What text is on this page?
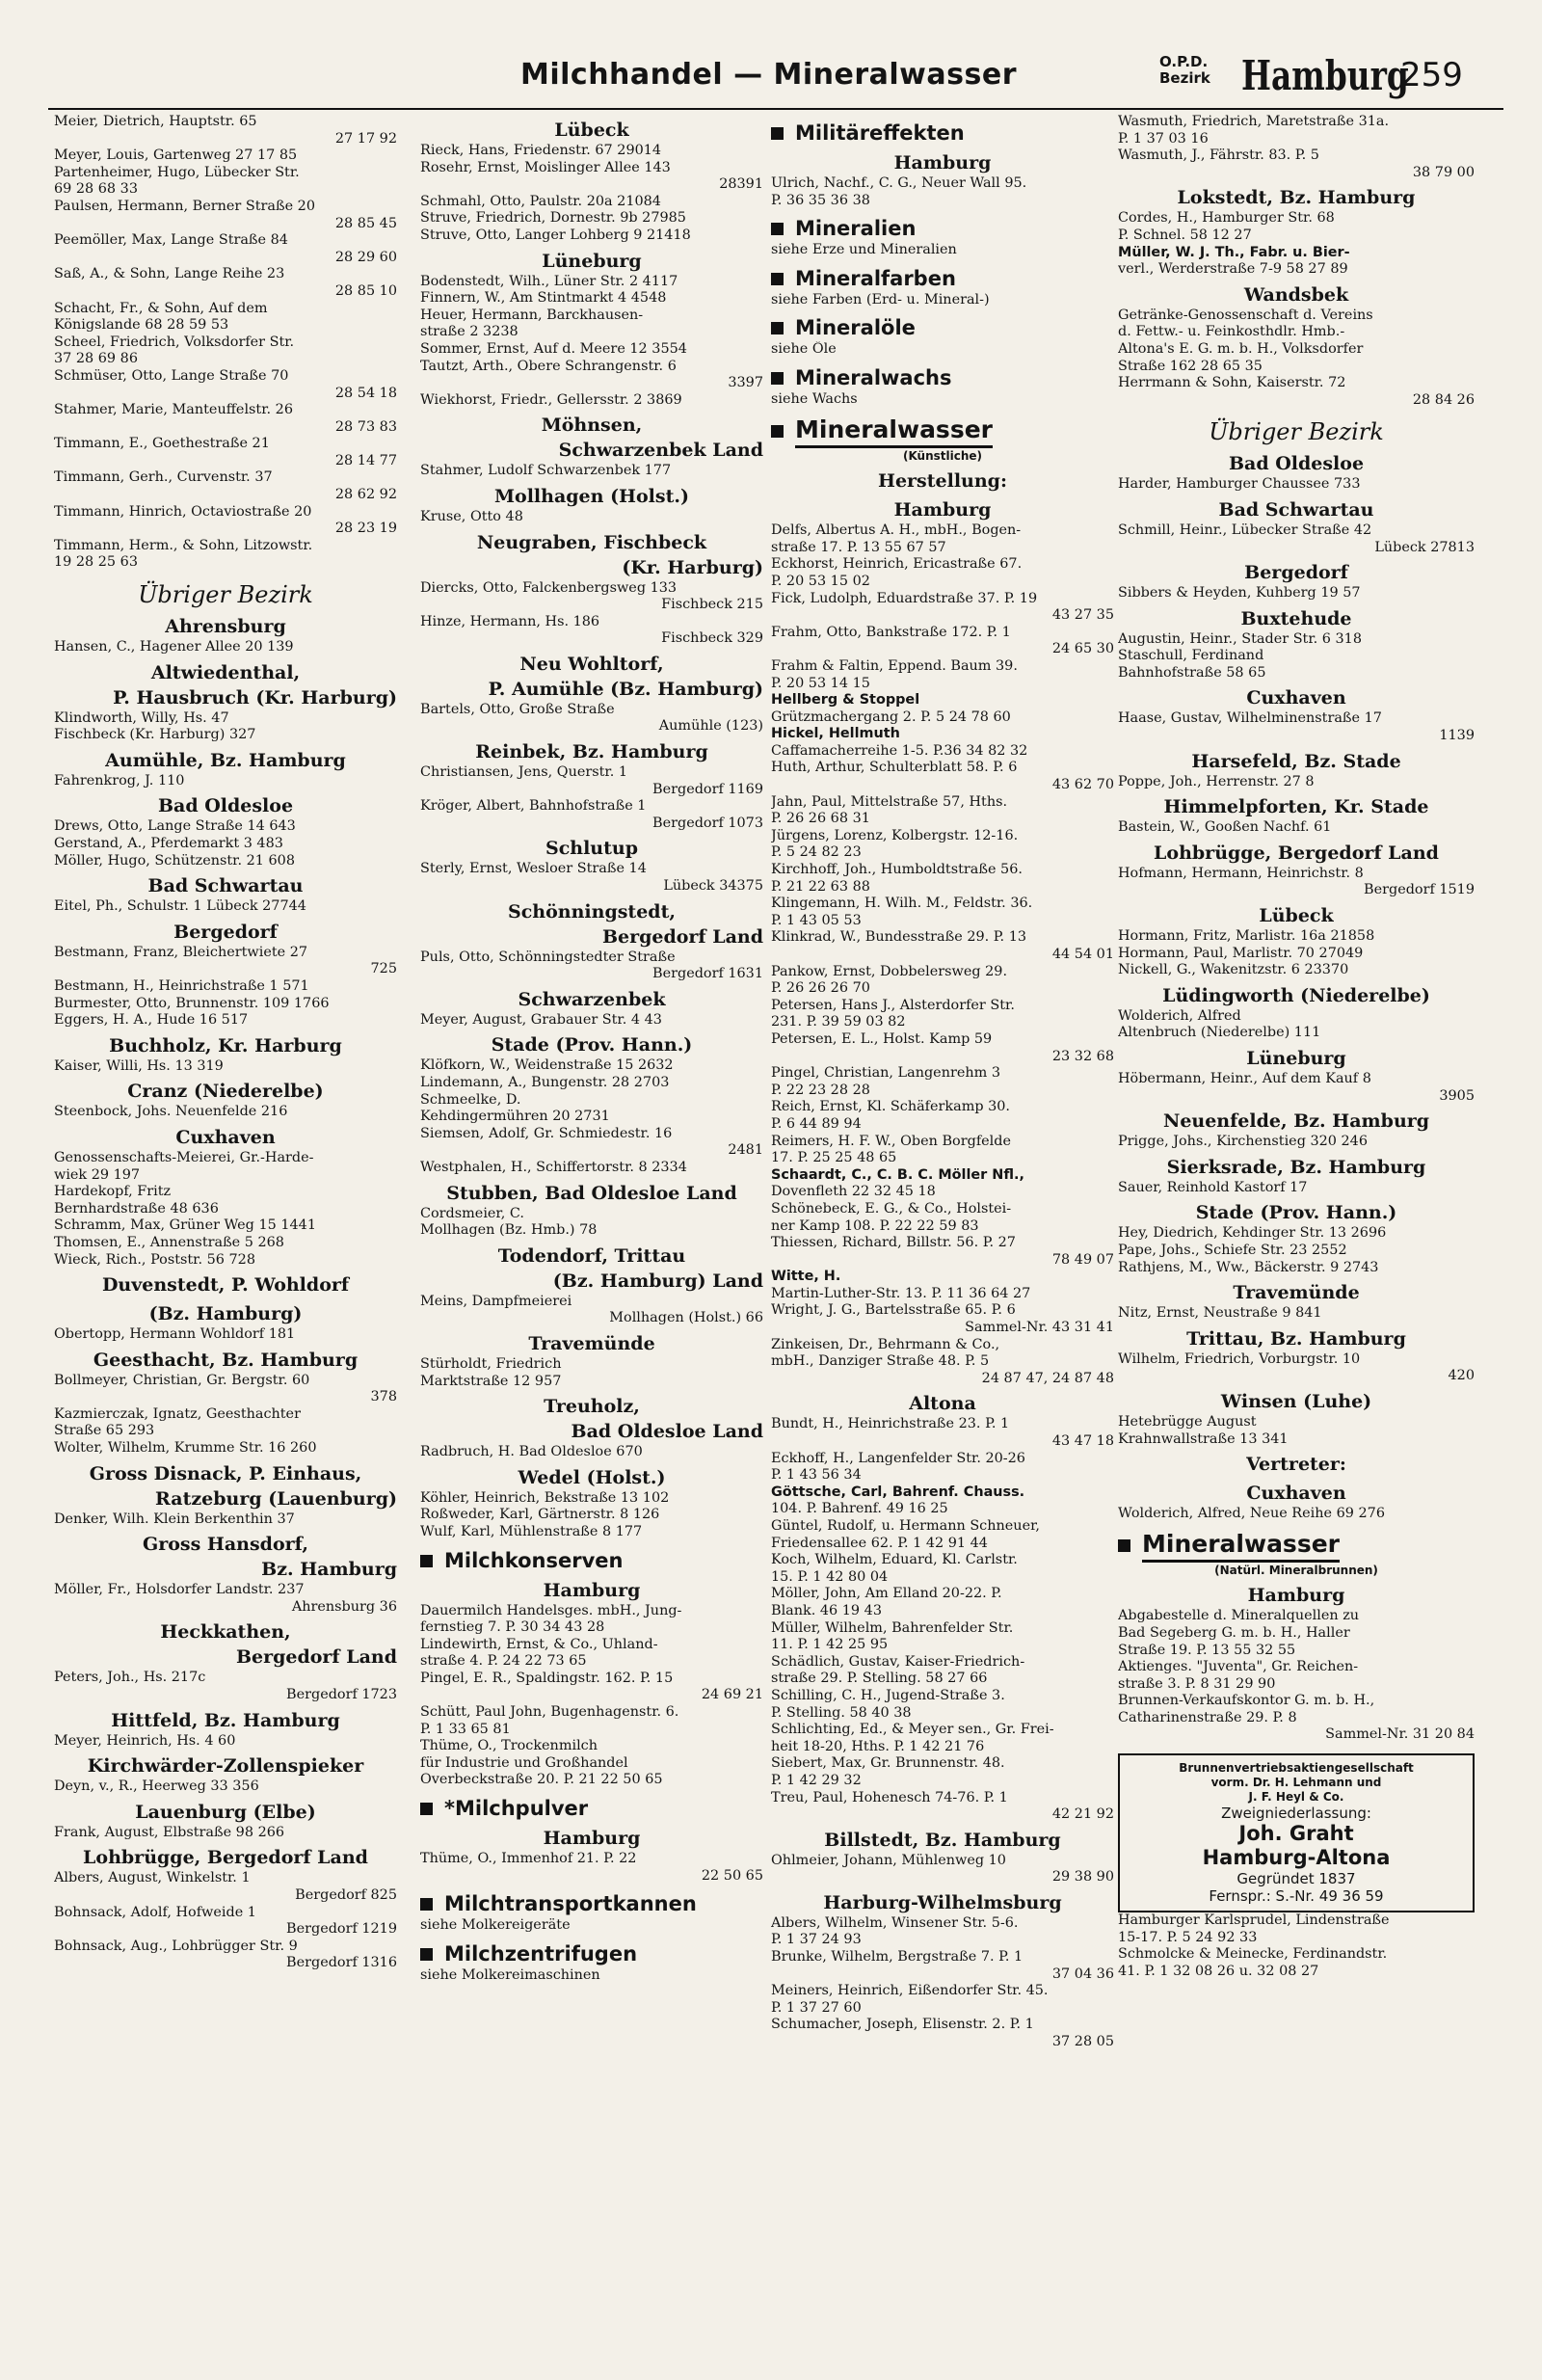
Milchhandel — Mineralwasser	O.P.D.
Bezirk Hamburg
259
Meier, Dietrich, Hauptstr. 65
27 17 92
Meyer, Louis, Gartenweg 27 17 85
Partenheimer, Hugo, Lübecker Str.
69 28 68 33
Paulsen, Hermann, Berner Straße 20
28 85 45
Peemöller, Max, Lange Straße 84
28 29 60
Saß, A., & Sohn, Lange Reihe 23
28 85 10
Schacht, Fr., & Sohn, Auf dem
Königslande 68 28 59 53
Scheel, Friedrich, Volksdorfer Str.
37 28 69 86
Schmüser, Otto, Lange Straße 70
28 54 18
Stahmer, Marie, Manteuffelstr. 26
28 73 83
Timmann, E., Goethestraße 21
28 14 77
Timmann, Gerh., Curvenstr. 37
28 62 92
Timmann, Hinrich, Octaviostraße 20
28 23 19
Timmann, Herm., & Sohn, Litzowstr.
19 28 25 63
Übriger Bezirk
Ahrensburg
Hansen, C., Hagener Allee 20 139
Altwiedenthal,
P. Hausbruch (Kr. Harburg)
Klindworth, Willy, Hs. 47
Fischbeck (Kr. Harburg) 327
Aumühle, Bz. Hamburg
Fahrenkrog, J. 110
Bad Oldesloe
Drews, Otto, Lange Straße 14 643
Gerstand, A., Pferdemarkt 3 483
Möller, Hugo, Schützenstr. 21 608
Bad Schwartau
Eitel, Ph., Schulstr. 1 Lübeck 27744
Bergedorf
Bestmann, Franz, Bleichertwiete 27
725
Bestmann, H., Heinrichstraße 1 571
Burmester, Otto, Brunnenstr. 109 1766
Eggers, H. A., Hude 16 517
Buchholz, Kr. Harburg
Kaiser, Willi, Hs. 13 319
Cranz (Niederelbe)
Steenbock, Johs. Neuenfelde 216
Cuxhaven
Genossenschafts-Meierei, Gr.-Harde-
wiek 29 197
Hardekopf, Fritz
Bernhardstraße 48 636
Schramm, Max, Grüner Weg 15 1441
Thomsen, E., Annenstraße 5 268
Wieck, Rich., Poststr. 56 728
Duvenstedt, P. Wohldorf
(Bz. Hamburg)
Obertopp, Hermann Wohldorf 181
Geesthacht, Bz. Hamburg
Bollmeyer, Christian, Gr. Bergstr. 60
378
Kazmierczak, Ignatz, Geesthachter
Straße 65 293
Wolter, Wilhelm, Krumme Str. 16 260
Gross Disnack, P. Einhaus,
Ratzeburg (Lauenburg)
Denker, Wilh. Klein Berkenthin 37
Gross Hansdorf,
Bz. Hamburg
Möller, Fr., Holsdorfer Landstr. 237
Ahrensburg 36
Heckkathen,
Bergedorf Land
Peters, Joh., Hs. 217c
Bergedorf 1723
Hittfeld, Bz. Hamburg
Meyer, Heinrich, Hs. 4 60
Kirchwärder-Zollenspieker
Deyn, v., R., Heerweg 33 356
Lauenburg (Elbe)
Frank, August, Elbstraße 98 266
Lohbrügge, Bergedorf Land
Albers, August, Winkelstr. 1
Bergedorf 825
Bohnsack, Adolf, Hofweide 1
Bergedorf 1219
Bohnsack, Aug., Lohbrügger Str. 9
Bergedorf 1316
Lübeck
Rieck, Hans, Friedenstr. 67 29014
Rosehr, Ernst, Moislinger Allee 143
28391
Schmahl, Otto, Paulstr. 20a 21084
Struve, Friedrich, Dornestr. 9b 27985
Struve, Otto, Langer Lohberg 9 21418
Lüneburg
Bodenstedt, Wilh., Lüner Str. 2 4117
Finnern, W., Am Stintmarkt 4 4548
Heuer, Hermann, Barckhausen-
straße 2 3238
Sommer, Ernst, Auf d. Meere 12 3554
Tautzt, Arth., Obere Schrangenstr. 6
3397
Wiekhorst, Friedr., Gellersstr. 2 3869
Möhnsen,
Schwarzenbek Land
Stahmer, Ludolf Schwarzenbek 177
Mollhagen (Holst.)
Kruse, Otto 48
Neugraben, Fischbeck
(Kr. Harburg)
Diercks, Otto, Falckenbergsweg 133
Fischbeck 215
Hinze, Hermann, Hs. 186
Fischbeck 329
Neu Wohltorf,
P. Aumühle (Bz. Hamburg)
Bartels, Otto, Große Straße
Aumühle (123)
Reinbek, Bz. Hamburg
Christiansen, Jens, Querstr. 1
Bergedorf 1169
Kröger, Albert, Bahnhofstraße 1
Bergedorf 1073
Schlutup
Sterly, Ernst, Wesloer Straße 14
Lübeck 34375
Schönningstedt,
Bergedorf Land
Puls, Otto, Schönningstedter Straße
Bergedorf 1631
Schwarzenbek
Meyer, August, Grabauer Str. 4 43
Stade (Prov. Hann.)
Klöfkorn, W., Weidenstraße 15 2632
Lindemann, A., Bungenstr. 28 2703
Schmeelke, D.
Kehdingermühren 20 2731
Siemsen, Adolf, Gr. Schmiedestr. 16
2481
Westphalen, H., Schiffertorstr. 8 2334
Stubben, Bad Oldesloe Land
Cordsmeier, C.
Mollhagen (Bz. Hmb.) 78
Todendorf, Trittau
(Bz. Hamburg) Land
Meins, Dampfmeierei
Mollhagen (Holst.) 66
Travemünde
Stürholdt, Friedrich
Marktstraße 12 957
Treuholz,
Bad Oldesloe Land
Radbruch, H. Bad Oldesloe 670
Wedel (Holst.)
Köhler, Heinrich, Bekstraße 13 102
Roßweder, Karl, Gärtnerstr. 8 126
Wulf, Karl, Mühlenstraße 8 177
Milchkonserven
Hamburg
Dauermilch Handelsges. mbH., Jung-
fernstieg 7. P. 30 34 43 28
Lindewirth, Ernst, & Co., Uhland-
straße 4. P. 24 22 73 65
Pingel, E. R., Spaldingstr. 162. P. 15
24 69 21
Schütt, Paul John, Bugenhagenstr. 6.
P. 1 33 65 81
Thüme, O., Trockenmilch
für Industrie und Großhandel
Overbeckstraße 20. P. 21 22 50 65
*Milchpulver
Hamburg
Thüme, O., Immenhof 21. P. 22
22 50 65
Milchtransportkannen
siehe Molkereigeräte
Milchzentrifugen
siehe Molkereimaschinen
Militäreffekten
Hamburg
Ulrich, Nachf., C. G., Neuer Wall 95.
P. 36 35 36 38
Mineralien
siehe Erze und Mineralien
Mineralfarben
siehe Farben (Erd- u. Mineral-)
Mineralöle
siehe Öle
Mineralwachs
siehe Wachs
Mineralwasser
(Künstliche)
Herstellung:
Hamburg
Delfs, Albertus A. H., mbH., Bogen-
straße 17. P. 13 55 67 57
Eckhorst, Heinrich, Ericastraße 67.
P. 20 53 15 02
Fick, Ludolph, Eduardstraße 37. P. 19
43 27 35
Frahm, Otto, Bankstraße 172. P. 1
24 65 30
Frahm & Faltin, Eppend. Baum 39.
P. 20 53 14 15
Hellberg & Stoppel
Grützmachergang 2. P. 5 24 78 60
Hickel, Hellmuth
Caffamacherreihe 1-5. P.36 34 82 32
Huth, Arthur, Schulterblatt 58. P. 6
43 62 70
Jahn, Paul, Mittelstraße 57, Hths.
P. 26 26 68 31
Jürgens, Lorenz, Kolbergstr. 12-16.
P. 5 24 82 23
Kirchhoff, Joh., Humboldtstraße 56.
P. 21 22 63 88
Klingemann, H. Wilh. M., Feldstr. 36.
P. 1 43 05 53
Klinkrad, W., Bundesstraße 29. P. 13
44 54 01
Pankow, Ernst, Dobbelersweg 29.
P. 26 26 26 70
Petersen, Hans J., Alsterdorfer Str.
231. P. 39 59 03 82
Petersen, E. L., Holst. Kamp 59
23 32 68
Pingel, Christian, Langenrehm 3
P. 22 23 28 28
Reich, Ernst, Kl. Schäferkamp 30.
P. 6 44 89 94
Reimers, H. F. W., Oben Borgfelde
17. P. 25 25 48 65
Schaardt, C., C. B. C. Möller Nfl.,
Dovenfleth 22 32 45 18
Schönebeck, E. G., & Co., Holstei-
ner Kamp 108. P. 22 22 59 83
Thiessen, Richard, Billstr. 56. P. 27
78 49 07
Witte, H.
Martin-Luther-Str. 13. P. 11 36 64 27
Wright, J. G., Bartelsstraße 65. P. 6
Sammel-Nr. 43 31 41
Zinkeisen, Dr., Behrmann & Co.,
mbH., Danziger Straße 48. P. 5
24 87 47, 24 87 48
Altona
Bundt, H., Heinrichstraße 23. P. 1
43 47 18
Eckhoff, H., Langenfelder Str. 20-26
P. 1 43 56 34
Göttsche, Carl, Bahrenf. Chauss.
104. P. Bahrenf. 49 16 25
Güntel, Rudolf, u. Hermann Schneuer,
Friedensallee 62. P. 1 42 91 44
Koch, Wilhelm, Eduard, Kl. Carlstr.
15. P. 1 42 80 04
Möller, John, Am Elland 20-22. P.
Blank. 46 19 43
Müller, Wilhelm, Bahrenfelder Str.
11. P. 1 42 25 95
Schädlich, Gustav, Kaiser-Friedrich-
straße 29. P. Stelling. 58 27 66
Schilling, C. H., Jugend-Straße 3.
P. Stelling. 58 40 38
Schlichting, Ed., & Meyer sen., Gr. Frei-
heit 18-20, Hths. P. 1 42 21 76
Siebert, Max, Gr. Brunnenstr. 48.
P. 1 42 29 32
Treu, Paul, Hohenesch 74-76. P. 1
42 21 92
Billstedt, Bz. Hamburg
Ohlmeier, Johann, Mühlenweg 10
29 38 90
Harburg-Wilhelmsburg
Albers, Wilhelm, Winsener Str. 5-6.
P. 1 37 24 93
Brunke, Wilhelm, Bergstraße 7. P. 1
37 04 36
Meiners, Heinrich, Eißendorfer Str. 45.
P. 1 37 27 60
Schumacher, Joseph, Elisenstr. 2. P. 1
37 28 05
Wasmuth, Friedrich, Maretstraße 31a.
P. 1 37 03 16
Wasmuth, J., Fährstr. 83. P. 5
38 79 00
Lokstedt, Bz. Hamburg
Cordes, H., Hamburger Str. 68
P. Schnel. 58 12 27
Müller, W. J. Th., Fabr. u. Bier-
verl., Werderstraße 7-9 58 27 89
Wandsbek
Getränke-Genossenschaft d. Vereins
d. Fettw.- u. Feinkosthdlr. Hmb.-
Altona's E. G. m. b. H., Volksdorfer
Straße 162 28 65 35
Herrmann & Sohn, Kaiserstr. 72
28 84 26
Übriger Bezirk
Bad Oldesloe
Harder, Hamburger Chaussee 733
Bad Schwartau
Schmill, Heinr., Lübecker Straße 42
Lübeck 27813
Bergedorf
Sibbers & Heyden, Kuhberg 19 57
Buxtehude
Augustin, Heinr., Stader Str. 6 318
Staschull, Ferdinand
Bahnhofstraße 58 65
Cuxhaven
Haase, Gustav, Wilhelminenstraße 17
1139
Harsefeld, Bz. Stade
Poppe, Joh., Herrenstr. 27 8
Himmelpforten, Kr. Stade
Bastein, W., Gooßen Nachf. 61
Lohbrügge, Bergedorf Land
Hofmann, Hermann, Heinrichstr. 8
Bergedorf 1519
Lübeck
Hormann, Fritz, Marlistr. 16a 21858
Hormann, Paul, Marlistr. 70 27049
Nickell, G., Wakenitzstr. 6 23370
Lüdingworth (Niederelbe)
Wolderich, Alfred
Altenbruch (Niederelbe) 111
Lüneburg
Höbermann, Heinr., Auf dem Kauf 8
3905
Neuenfelde, Bz. Hamburg
Prigge, Johs., Kirchenstieg 320 246
Sierksrade, Bz. Hamburg
Sauer, Reinhold Kastorf 17
Stade (Prov. Hann.)
Hey, Diedrich, Kehdinger Str. 13 2696
Pape, Johs., Schiefe Str. 23 2552
Rathjens, M., Ww., Bäckerstr. 9 2743
Travemünde
Nitz, Ernst, Neustraße 9 841
Trittau, Bz. Hamburg
Wilhelm, Friedrich, Vorburgstr. 10
420
Winsen (Luhe)
Hetebrügge August
Krahnwallstraße 13 341
Vertreter:
Cuxhaven
Wolderich, Alfred, Neue Reihe 69 276
Mineralwasser
(Natürl. Mineralbrunnen)
Hamburg
Abgabestelle d. Mineralquellen zu
Bad Segeberg G. m. b. H., Haller
Straße 19. P. 13 55 32 55
Aktienges. "Juventa", Gr. Reichen-
straße 3. P. 8 31 29 90
Brunnen-Verkaufskontor G. m. b. H.,
Catharinenstraße 29. P. 8
Sammel-Nr. 31 20 84
Brunnenvertriebsaktiengesellschaft
vorm. Dr. H. Lehmann und
J. F. Heyl & Co.
Zweigniederlassung:
Joh. Graht
Hamburg-Altona
Gegründet 1837
Fernspr.: S.-Nr. 49 36 59
Hamburger Karlsprudel, Lindenstraße
15-17. P. 5 24 92 33
Schmolcke & Meinecke, Ferdinandstr.
41. P. 1 32 08 26 u. 32 08 27
